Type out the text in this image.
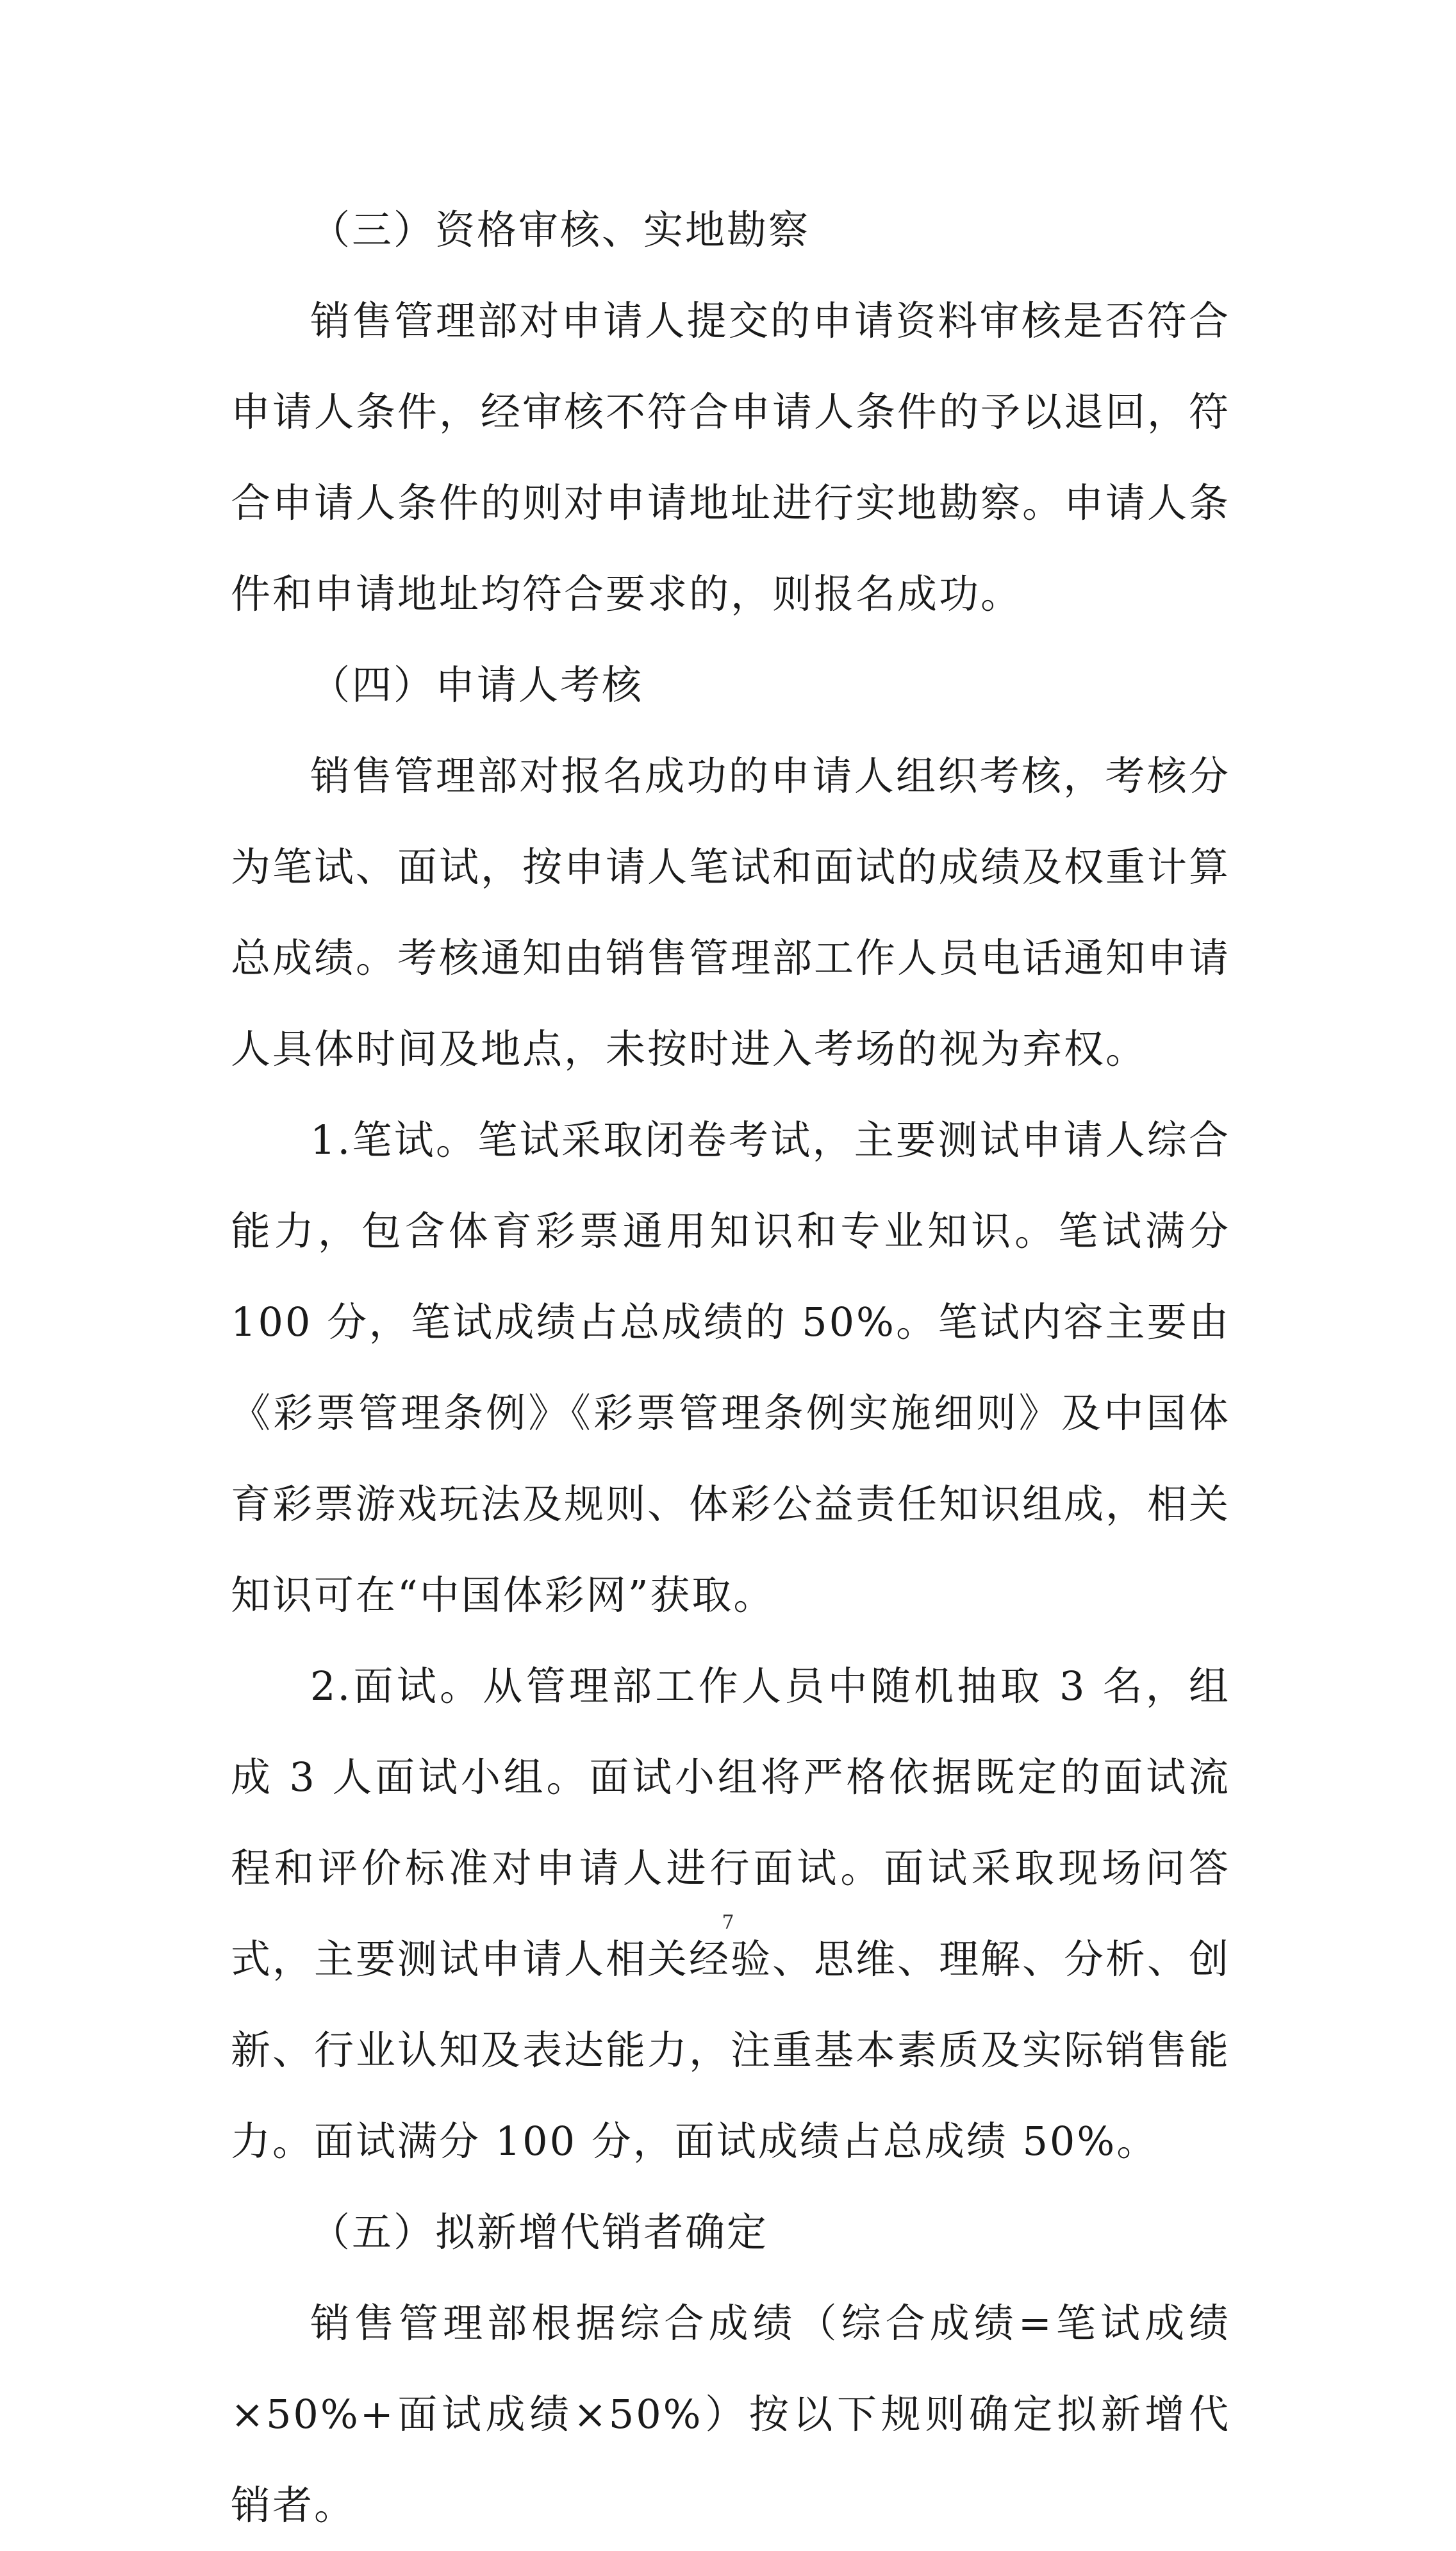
（三）资格审核、实地勘察

销售管理部对申请人提交的申请资料审核是否符合申请人条件，经审核不符合申请人条件的予以退回，符合申请人条件的则对申请地址进行实地勘察。申请人条件和申请地址均符合要求的，则报名成功。

（四）申请人考核

销售管理部对报名成功的申请人组织考核，考核分为笔试、面试，按申请人笔试和面试的成绩及权重计算总成绩。考核通知由销售管理部工作人员电话通知申请人具体时间及地点，未按时进入考场的视为弃权。

1.笔试。笔试采取闭卷考试，主要测试申请人综合能力，包含体育彩票通用知识和专业知识。笔试满分 100 分，笔试成绩占总成绩的 50%。笔试内容主要由《彩票管理条例》《彩票管理条例实施细则》及中国体育彩票游戏玩法及规则、体彩公益责任知识组成，相关知识可在“中国体彩网”获取。

2.面试。从管理部工作人员中随机抽取 3 名，组成 3 人面试小组。面试小组将严格依据既定的面试流程和评价标准对申请人进行面试。面试采取现场问答式，主要测试申请人相关经验、思维、理解、分析、创新、行业认知及表达能力，注重基本素质及实际销售能力。面试满分 100 分，面试成绩占总成绩 50%。

（五）拟新增代销者确定

销售管理部根据综合成绩（综合成绩=笔试成绩×50%+面试成绩×50%）按以下规则确定拟新增代销者。

7
